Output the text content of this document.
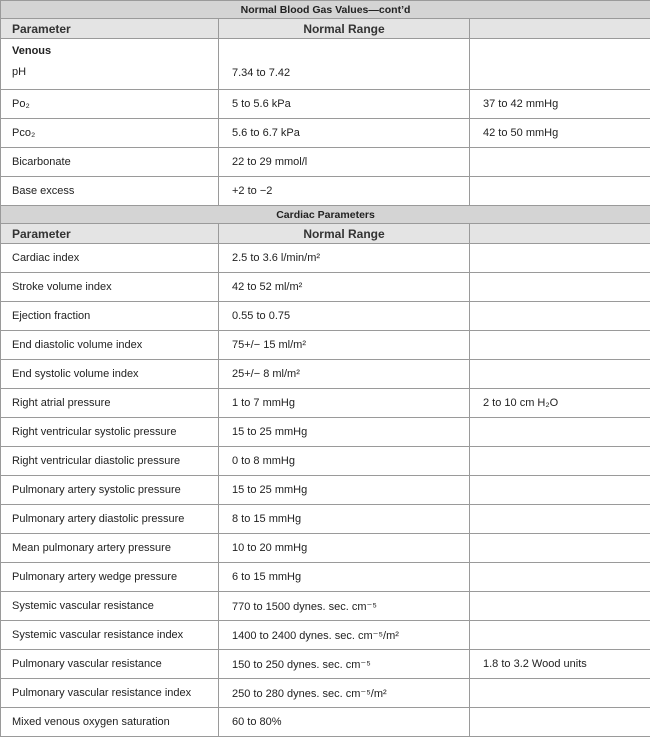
Normal Blood Gas Values—cont’d		
Parameter	Normal Range	

Venous
pH	7.34 to 7.42	

Po₂	5 to 5.6 kPa	37 to 42 mmHg
Pco₂	5.6 to 6.7 kPa	42 to 50 mmHg
Bicarbonate	22 to 29 mmol/l	
Base excess	+2 to −2	
Cardiac Parameters		
Parameter	Normal Range	
Cardiac index	2.5 to 3.6 l/min/m²	
Stroke volume index	42 to 52 ml/m²	
Ejection fraction	0.55 to 0.75	
End diastolic volume index	75+/− 15 ml/m²	
End systolic volume index	25+/− 8 ml/m²	
Right atrial pressure	1 to 7 mmHg	2 to 10 cm H₂O
Right ventricular systolic pressure	15 to 25 mmHg	
Right ventricular diastolic pressure	0 to 8 mmHg	
Pulmonary artery systolic pressure	15 to 25 mmHg	
Pulmonary artery diastolic pressure	8 to 15 mmHg	
Mean pulmonary artery pressure	10 to 20 mmHg	
Pulmonary artery wedge pressure	6 to 15 mmHg	
Systemic vascular resistance	770 to 1500 dynes. sec. cm⁻⁵	
Systemic vascular resistance index	1400 to 2400 dynes. sec. cm⁻⁵/m²	
Pulmonary vascular resistance	150 to 250 dynes. sec. cm⁻⁵	1.8 to 3.2 Wood units
Pulmonary vascular resistance index	250 to 280 dynes. sec. cm⁻⁵/m²	
Mixed venous oxygen saturation	60 to 80%	
